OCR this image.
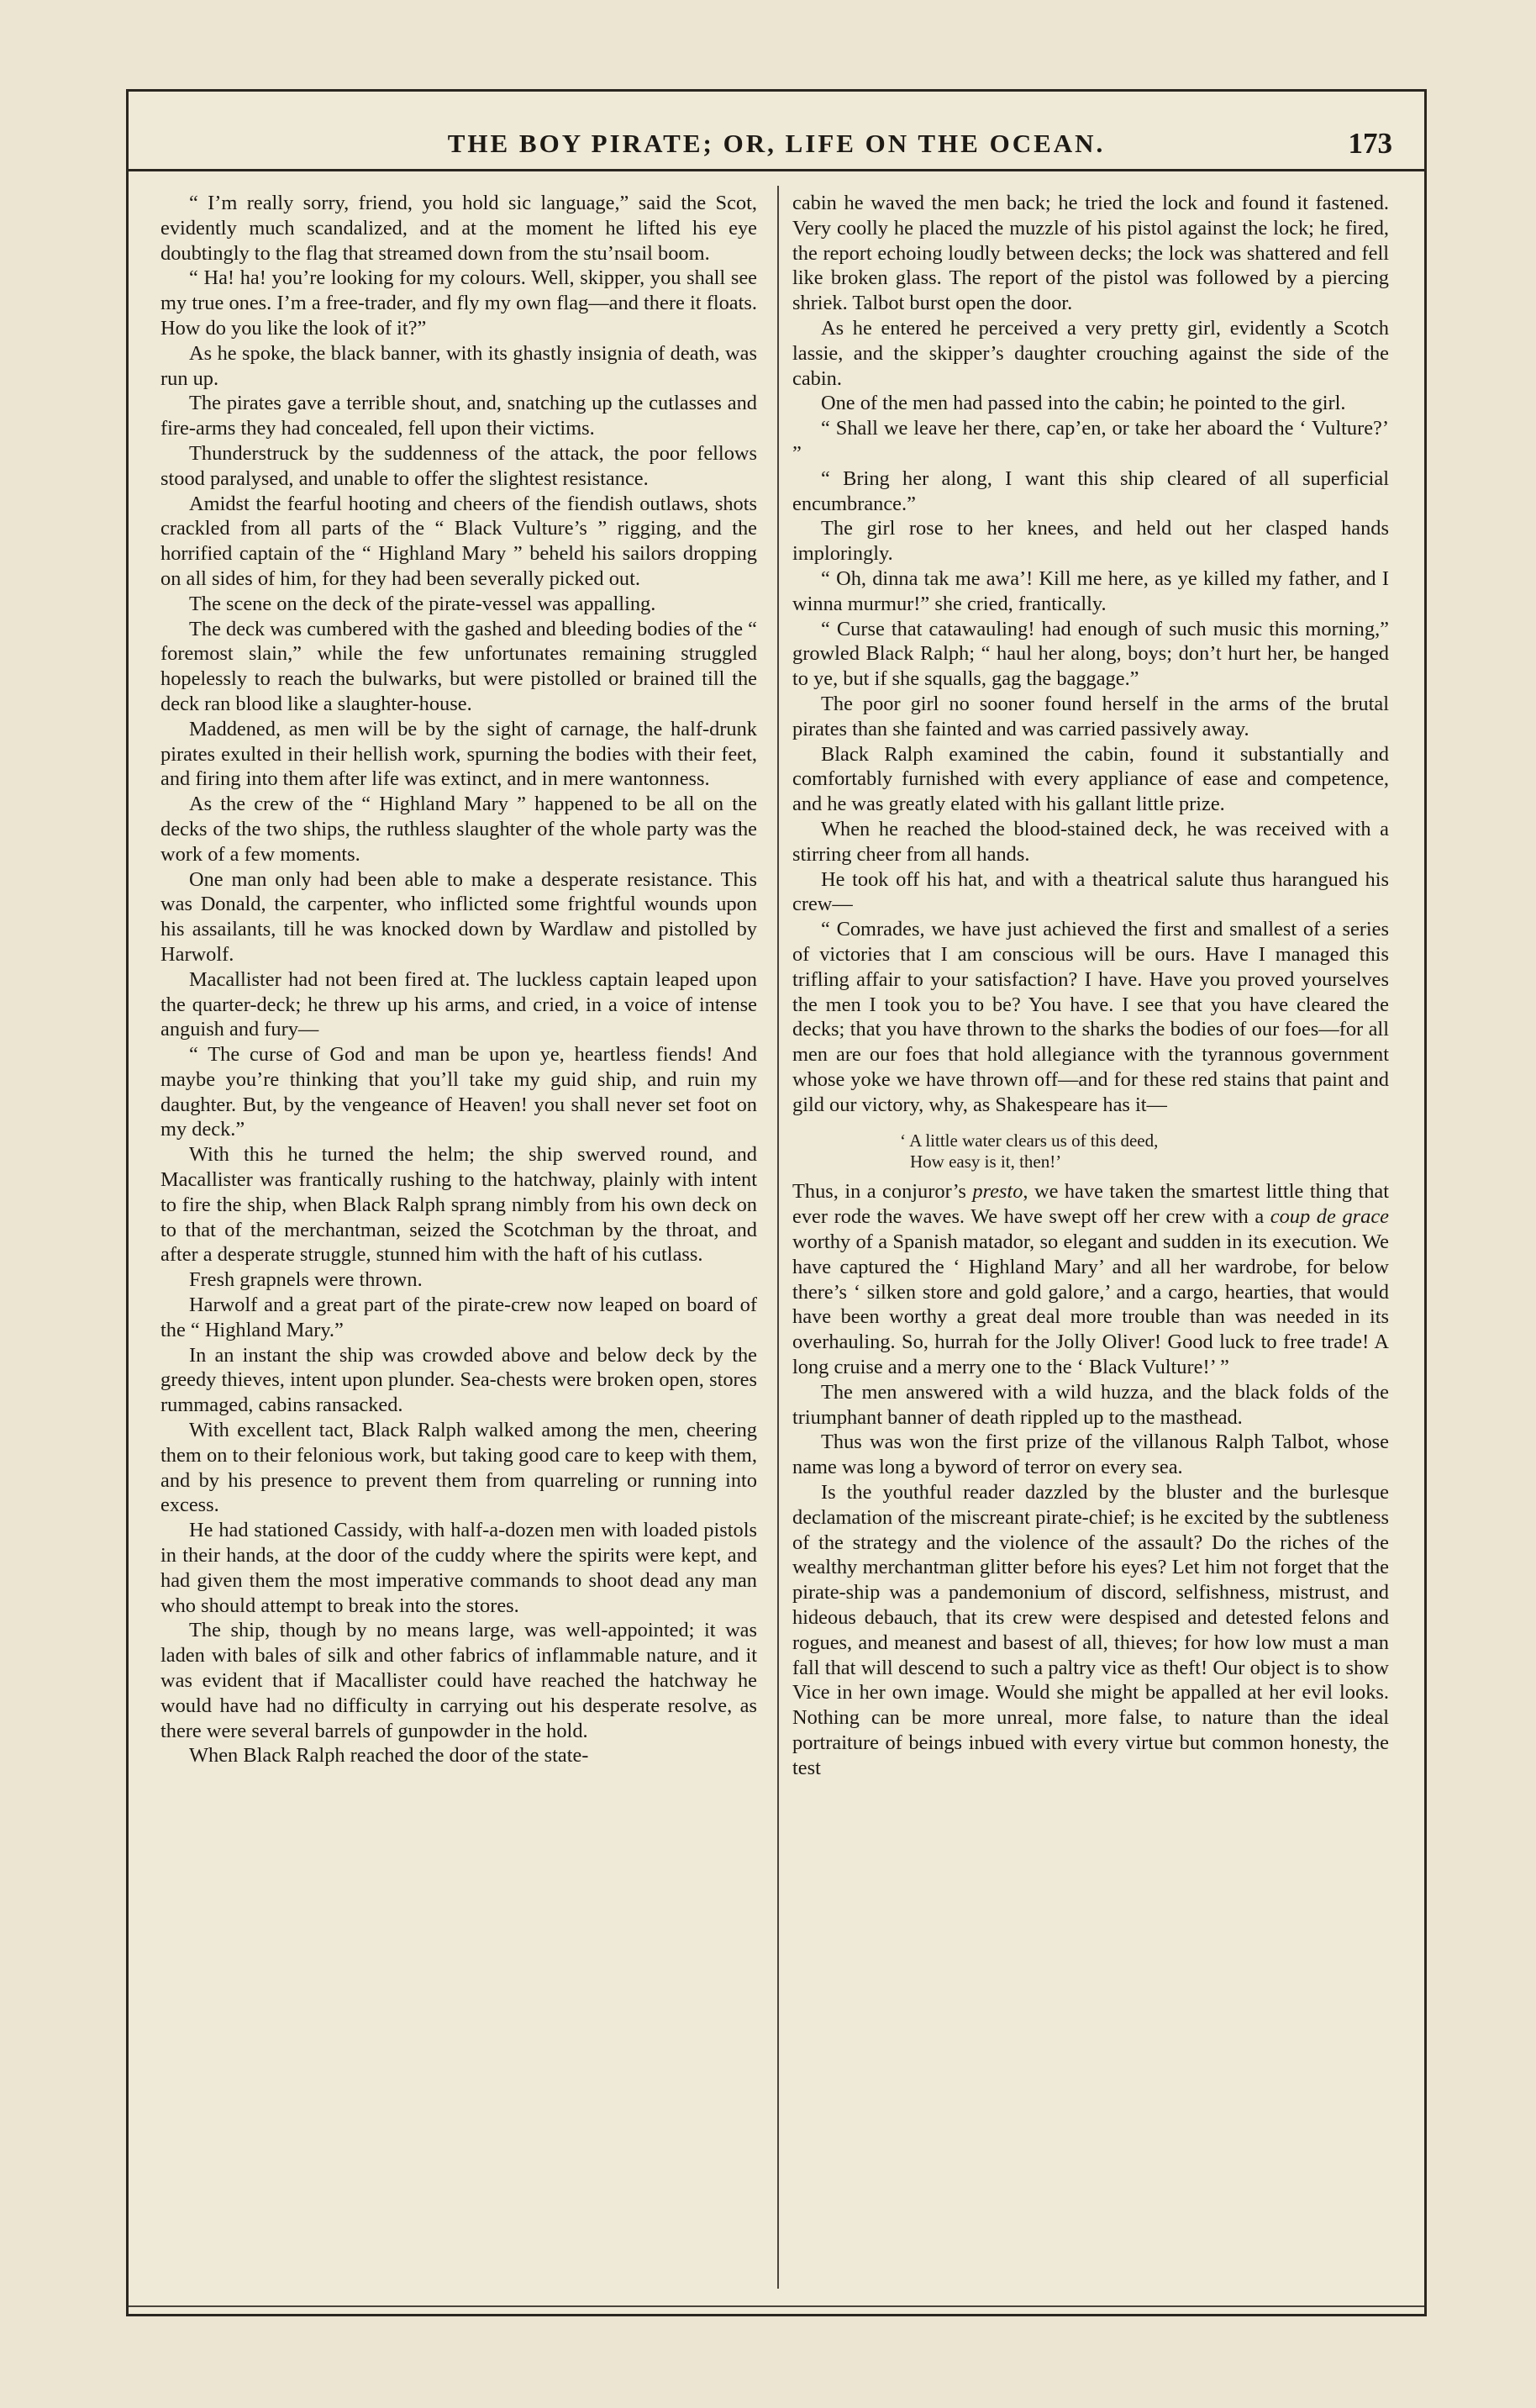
THE BOY PIRATE; OR, LIFE ON THE OCEAN.	173

“ I’m really sorry, friend, you hold sic language,” said the Scot, evidently much scandalized, and at the moment he lifted his eye doubtingly to the flag that streamed down from the stu’nsail boom.

“ Ha! ha! you’re looking for my colours. Well, skipper, you shall see my true ones. I’m a free-trader, and fly my own flag—and there it floats. How do you like the look of it?”

As he spoke, the black banner, with its ghastly insignia of death, was run up.

The pirates gave a terrible shout, and, snatching up the cutlasses and fire-arms they had concealed, fell upon their victims.

Thunderstruck by the suddenness of the attack, the poor fellows stood paralysed, and unable to offer the slightest resistance.

Amidst the fearful hooting and cheers of the fiendish outlaws, shots crackled from all parts of the “ Black Vulture’s ” rigging, and the horrified captain of the “ Highland Mary ” beheld his sailors dropping on all sides of him, for they had been severally picked out.

The scene on the deck of the pirate-vessel was appalling.

The deck was cumbered with the gashed and bleeding bodies of the “ foremost slain,” while the few unfortunates remaining struggled hopelessly to reach the bulwarks, but were pistolled or brained till the deck ran blood like a slaughter-house.

Maddened, as men will be by the sight of carnage, the half-drunk pirates exulted in their hellish work, spurning the bodies with their feet, and firing into them after life was extinct, and in mere wantonness.

As the crew of the “ Highland Mary ” happened to be all on the decks of the two ships, the ruthless slaughter of the whole party was the work of a few moments.

One man only had been able to make a desperate resistance. This was Donald, the carpenter, who inflicted some frightful wounds upon his assailants, till he was knocked down by Wardlaw and pistolled by Harwolf.

Macallister had not been fired at. The luckless captain leaped upon the quarter-deck; he threw up his arms, and cried, in a voice of intense anguish and fury—

“ The curse of God and man be upon ye, heartless fiends! And maybe you’re thinking that you’ll take my guid ship, and ruin my daughter. But, by the vengeance of Heaven! you shall never set foot on my deck.”

With this he turned the helm; the ship swerved round, and Macallister was frantically rushing to the hatchway, plainly with intent to fire the ship, when Black Ralph sprang nimbly from his own deck on to that of the merchantman, seized the Scotchman by the throat, and after a desperate struggle, stunned him with the haft of his cutlass.

Fresh grapnels were thrown.

Harwolf and a great part of the pirate-crew now leaped on board of the “ Highland Mary.”

In an instant the ship was crowded above and below deck by the greedy thieves, intent upon plunder. Sea-chests were broken open, stores rummaged, cabins ransacked.

With excellent tact, Black Ralph walked among the men, cheering them on to their felonious work, but taking good care to keep with them, and by his presence to prevent them from quarreling or running into excess.

He had stationed Cassidy, with half-a-dozen men with loaded pistols in their hands, at the door of the cuddy where the spirits were kept, and had given them the most imperative commands to shoot dead any man who should attempt to break into the stores.

The ship, though by no means large, was well-appointed; it was laden with bales of silk and other fabrics of inflammable nature, and it was evident that if Macallister could have reached the hatchway he would have had no difficulty in carrying out his desperate resolve, as there were several barrels of gunpowder in the hold.

When Black Ralph reached the door of the state-

cabin he waved the men back; he tried the lock and found it fastened. Very coolly he placed the muzzle of his pistol against the lock; he fired, the report echoing loudly between decks; the lock was shattered and fell like broken glass. The report of the pistol was followed by a piercing shriek. Talbot burst open the door.

As he entered he perceived a very pretty girl, evidently a Scotch lassie, and the skipper’s daughter crouching against the side of the cabin.

One of the men had passed into the cabin; he pointed to the girl.

“ Shall we leave her there, cap’en, or take her aboard the ‘ Vulture?’ ”

“ Bring her along, I want this ship cleared of all superficial encumbrance.”

The girl rose to her knees, and held out her clasped hands imploringly.

“ Oh, dinna tak me awa’! Kill me here, as ye killed my father, and I winna murmur!” she cried, frantically.

“ Curse that catawauling! had enough of such music this morning,” growled Black Ralph; “ haul her along, boys; don’t hurt her, be hanged to ye, but if she squalls, gag the baggage.”

The poor girl no sooner found herself in the arms of the brutal pirates than she fainted and was carried passively away.

Black Ralph examined the cabin, found it substantially and comfortably furnished with every appliance of ease and competence, and he was greatly elated with his gallant little prize.

When he reached the blood-stained deck, he was received with a stirring cheer from all hands.

He took off his hat, and with a theatrical salute thus harangued his crew—

“ Comrades, we have just achieved the first and smallest of a series of victories that I am conscious will be ours. Have I managed this trifling affair to your satisfaction? I have. Have you proved yourselves the men I took you to be? You have. I see that you have cleared the decks; that you have thrown to the sharks the bodies of our foes—for all men are our foes that hold allegiance with the tyrannous government whose yoke we have thrown off—and for these red stains that paint and gild our victory, why, as Shakespeare has it—

‘ A little water clears us of this deed,
How easy is it, then!’

Thus, in a conjuror’s presto, we have taken the smartest little thing that ever rode the waves. We have swept off her crew with a coup de grace worthy of a Spanish matador, so elegant and sudden in its execution. We have captured the ‘ Highland Mary’ and all her wardrobe, for below there’s ‘ silken store and gold galore,’ and a cargo, hearties, that would have been worthy a great deal more trouble than was needed in its overhauling. So, hurrah for the Jolly Oliver! Good luck to free trade! A long cruise and a merry one to the ‘ Black Vulture!’ ”

The men answered with a wild huzza, and the black folds of the triumphant banner of death rippled up to the masthead.

Thus was won the first prize of the villanous Ralph Talbot, whose name was long a byword of terror on every sea.

Is the youthful reader dazzled by the bluster and the burlesque declamation of the miscreant pirate-chief; is he excited by the subtleness of the strategy and the violence of the assault? Do the riches of the wealthy merchantman glitter before his eyes? Let him not forget that the pirate-ship was a pandemonium of discord, selfishness, mistrust, and hideous debauch, that its crew were despised and detested felons and rogues, and meanest and basest of all, thieves; for how low must a man fall that will descend to such a paltry vice as theft! Our object is to show Vice in her own image. Would she might be appalled at her evil looks. Nothing can be more unreal, more false, to nature than the ideal portraiture of beings inbued with every virtue but common honesty, the test
